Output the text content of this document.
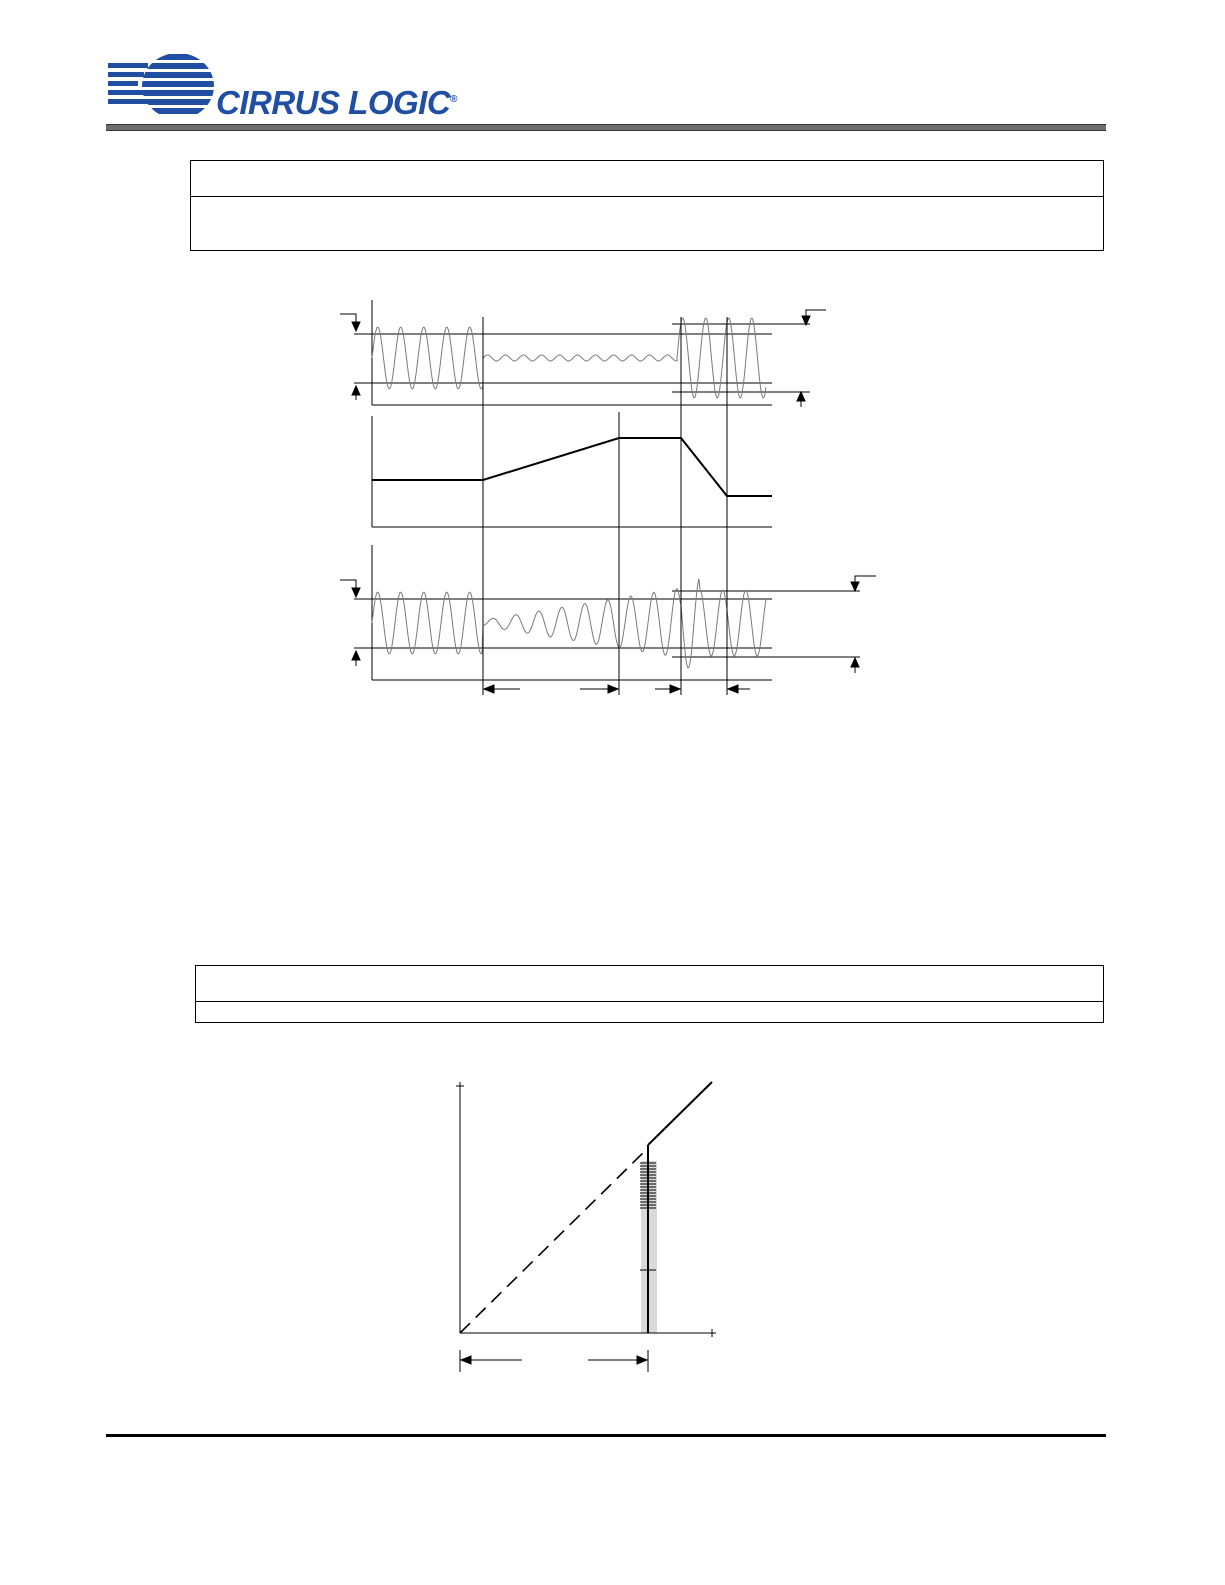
CIRRUS LOGIC®
